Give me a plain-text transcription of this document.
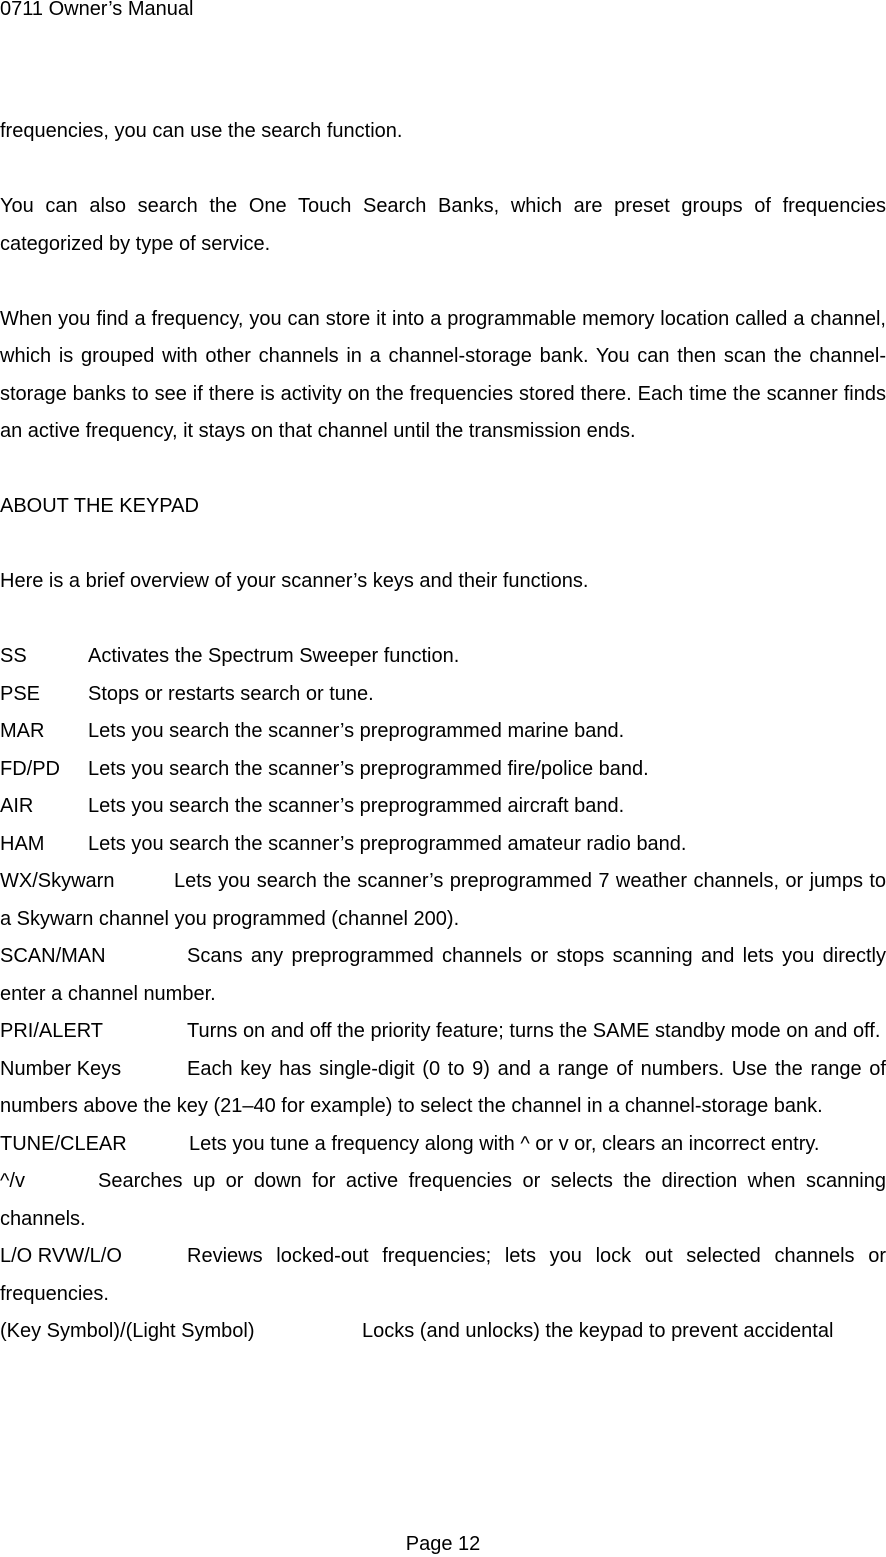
0711 Owner’s Manual

frequencies, you can use the search function.

You can also search the One Touch Search Banks, which are preset groups of frequencies categorized by type of service.

When you find a frequency, you can store it into a programmable memory location called a channel, which is grouped with other channels in a channel-storage bank. You can then scan the channel-storage banks to see if there is activity on the frequencies stored there. Each time the scanner finds an active frequency, it stays on that channel until the transmission ends.

ABOUT THE KEYPAD

Here is a brief overview of your scanner’s keys and their functions.

SS	Activates the Spectrum Sweeper function.

PSE Stops or restarts search or tune.

MAR Lets you search the scanner’s preprogrammed marine band.

FD/PD Lets you search the scanner’s preprogrammed fire/police band.

AIR	Lets you search the scanner’s preprogrammed aircraft band.

HAM Lets you search the scanner’s preprogrammed amateur radio band.

WX/Skywarn	Lets you search the scanner’s preprogrammed 7 weather channels, or jumps to a Skywarn channel you programmed (channel 200).

SCAN/MAN	Scans any preprogrammed channels or stops scanning and lets you directly enter a channel number.

PRI/ALERT	Turns on and off the priority feature; turns the SAME standby mode on and off.

Number Keys	Each key has single-digit (0 to 9) and a range of numbers. Use the range of numbers above the key (21–40 for example) to select the channel in a channel-storage bank.

TUNE/CLEAR	Lets you tune a frequency along with ^ or v or, clears an incorrect entry.

^/v	Searches up or down for active frequencies or selects the direction when scanning channels.

L/O RVW/L/O	Reviews locked-out frequencies; lets you lock out selected channels or frequencies.

(Key Symbol)/(Light Symbol)	Locks (and unlocks) the keypad to prevent accidental

Page 12
